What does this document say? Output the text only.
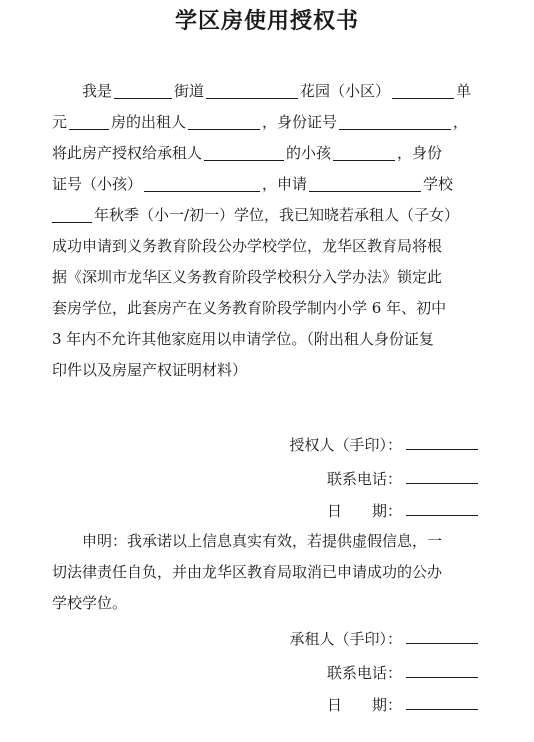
学区房使用授权书
我是	街道	花园（小区）	单
元	房的出租人	，身份证号	，
将此房产授权给承租人	的小孩	，身份
证号（小孩）	，申请	学校
年秋季（小一/初一）学位，我已知晓若承租人（子女）
成功申请到义务教育阶段公办学校学位，龙华区教育局将根
据《深圳市龙华区义务教育阶段学校积分入学办法》锁定此
套房学位，此套房产在义务教育阶段学制内小学 6 年、初中
3 年内不允许其他家庭用以申请学位。（附出租人身份证复
印件以及房屋产权证明材料）
授权人（手印）：
联系电话：
日　　期：
申明：我承诺以上信息真实有效，若提供虚假信息，一
切法律责任自负，并由龙华区教育局取消已申请成功的公办
学校学位。
承租人（手印）：
联系电话：
日　　期：
